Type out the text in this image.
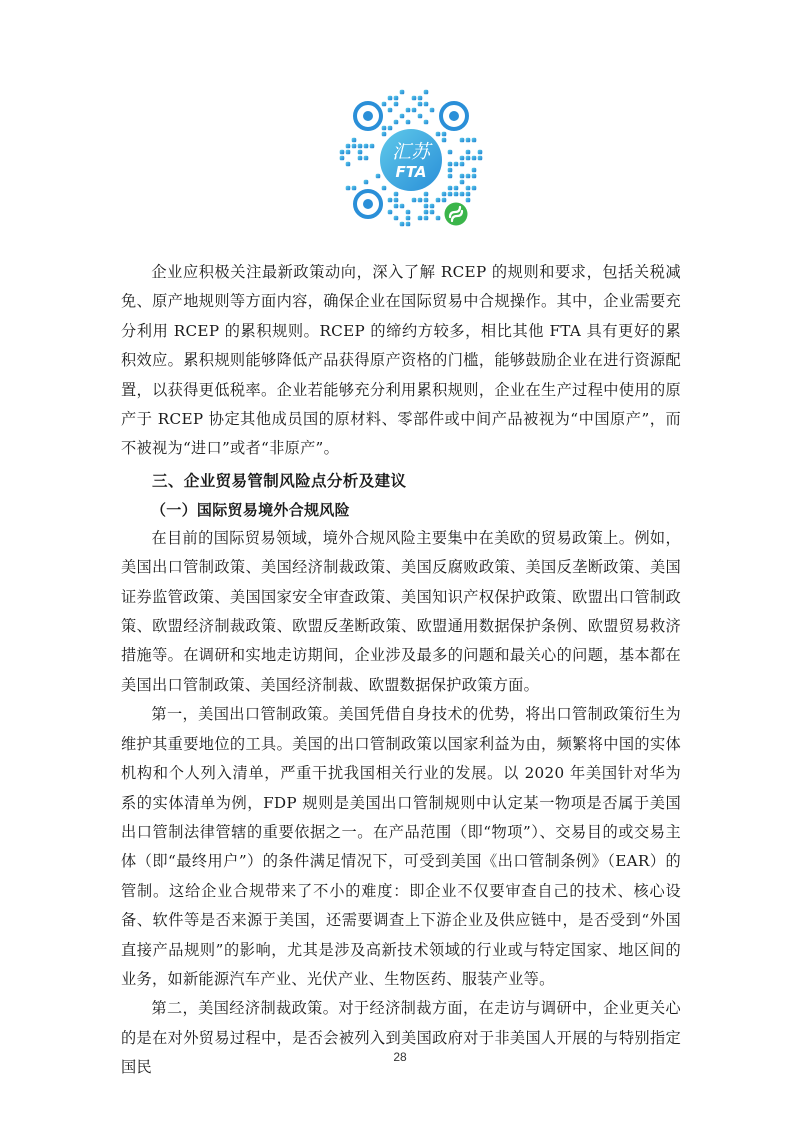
汇苏
FTA

企业应积极关注最新政策动向，深入了解 RCEP 的规则和要求，包括关税减免、原产地规则等方面内容，确保企业在国际贸易中合规操作。其中，企业需要充分利用 RCEP 的累积规则。RCEP 的缔约方较多，相比其他 FTA 具有更好的累积效应。累积规则能够降低产品获得原产资格的门槛，能够鼓励企业在进行资源配置，以获得更低税率。企业若能够充分利用累积规则，企业在生产过程中使用的原产于 RCEP 协定其他成员国的原材料、零部件或中间产品被视为“中国原产”，而不被视为“进口”或者“非原产”。

三、企业贸易管制风险点分析及建议

（一）国际贸易境外合规风险

在目前的国际贸易领域，境外合规风险主要集中在美欧的贸易政策上。例如，美国出口管制政策、美国经济制裁政策、美国反腐败政策、美国反垄断政策、美国证券监管政策、美国国家安全审查政策、美国知识产权保护政策、欧盟出口管制政策、欧盟经济制裁政策、欧盟反垄断政策、欧盟通用数据保护条例、欧盟贸易救济措施等。在调研和实地走访期间，企业涉及最多的问题和最关心的问题，基本都在美国出口管制政策、美国经济制裁、欧盟数据保护政策方面。

第一，美国出口管制政策。美国凭借自身技术的优势，将出口管制政策衍生为维护其重要地位的工具。美国的出口管制政策以国家利益为由，频繁将中国的实体机构和个人列入清单，严重干扰我国相关行业的发展。以 2020 年美国针对华为系的实体清单为例，FDP 规则是美国出口管制规则中认定某一物项是否属于美国出口管制法律管辖的重要依据之一。在产品范围（即“物项”）、交易目的或交易主体（即“最终用户”）的条件满足情况下，可受到美国《出口管制条例》（EAR）的管制。这给企业合规带来了不小的难度：即企业不仅要审查自己的技术、核心设备、软件等是否来源于美国，还需要调查上下游企业及供应链中，是否受到“外国直接产品规则”的影响，尤其是涉及高新技术领域的行业或与特定国家、地区间的业务，如新能源汽车产业、光伏产业、生物医药、服装产业等。

第二，美国经济制裁政策。对于经济制裁方面，在走访与调研中，企业更关心的是在对外贸易过程中，是否会被列入到美国政府对于非美国人开展的与特别指定国民

28
